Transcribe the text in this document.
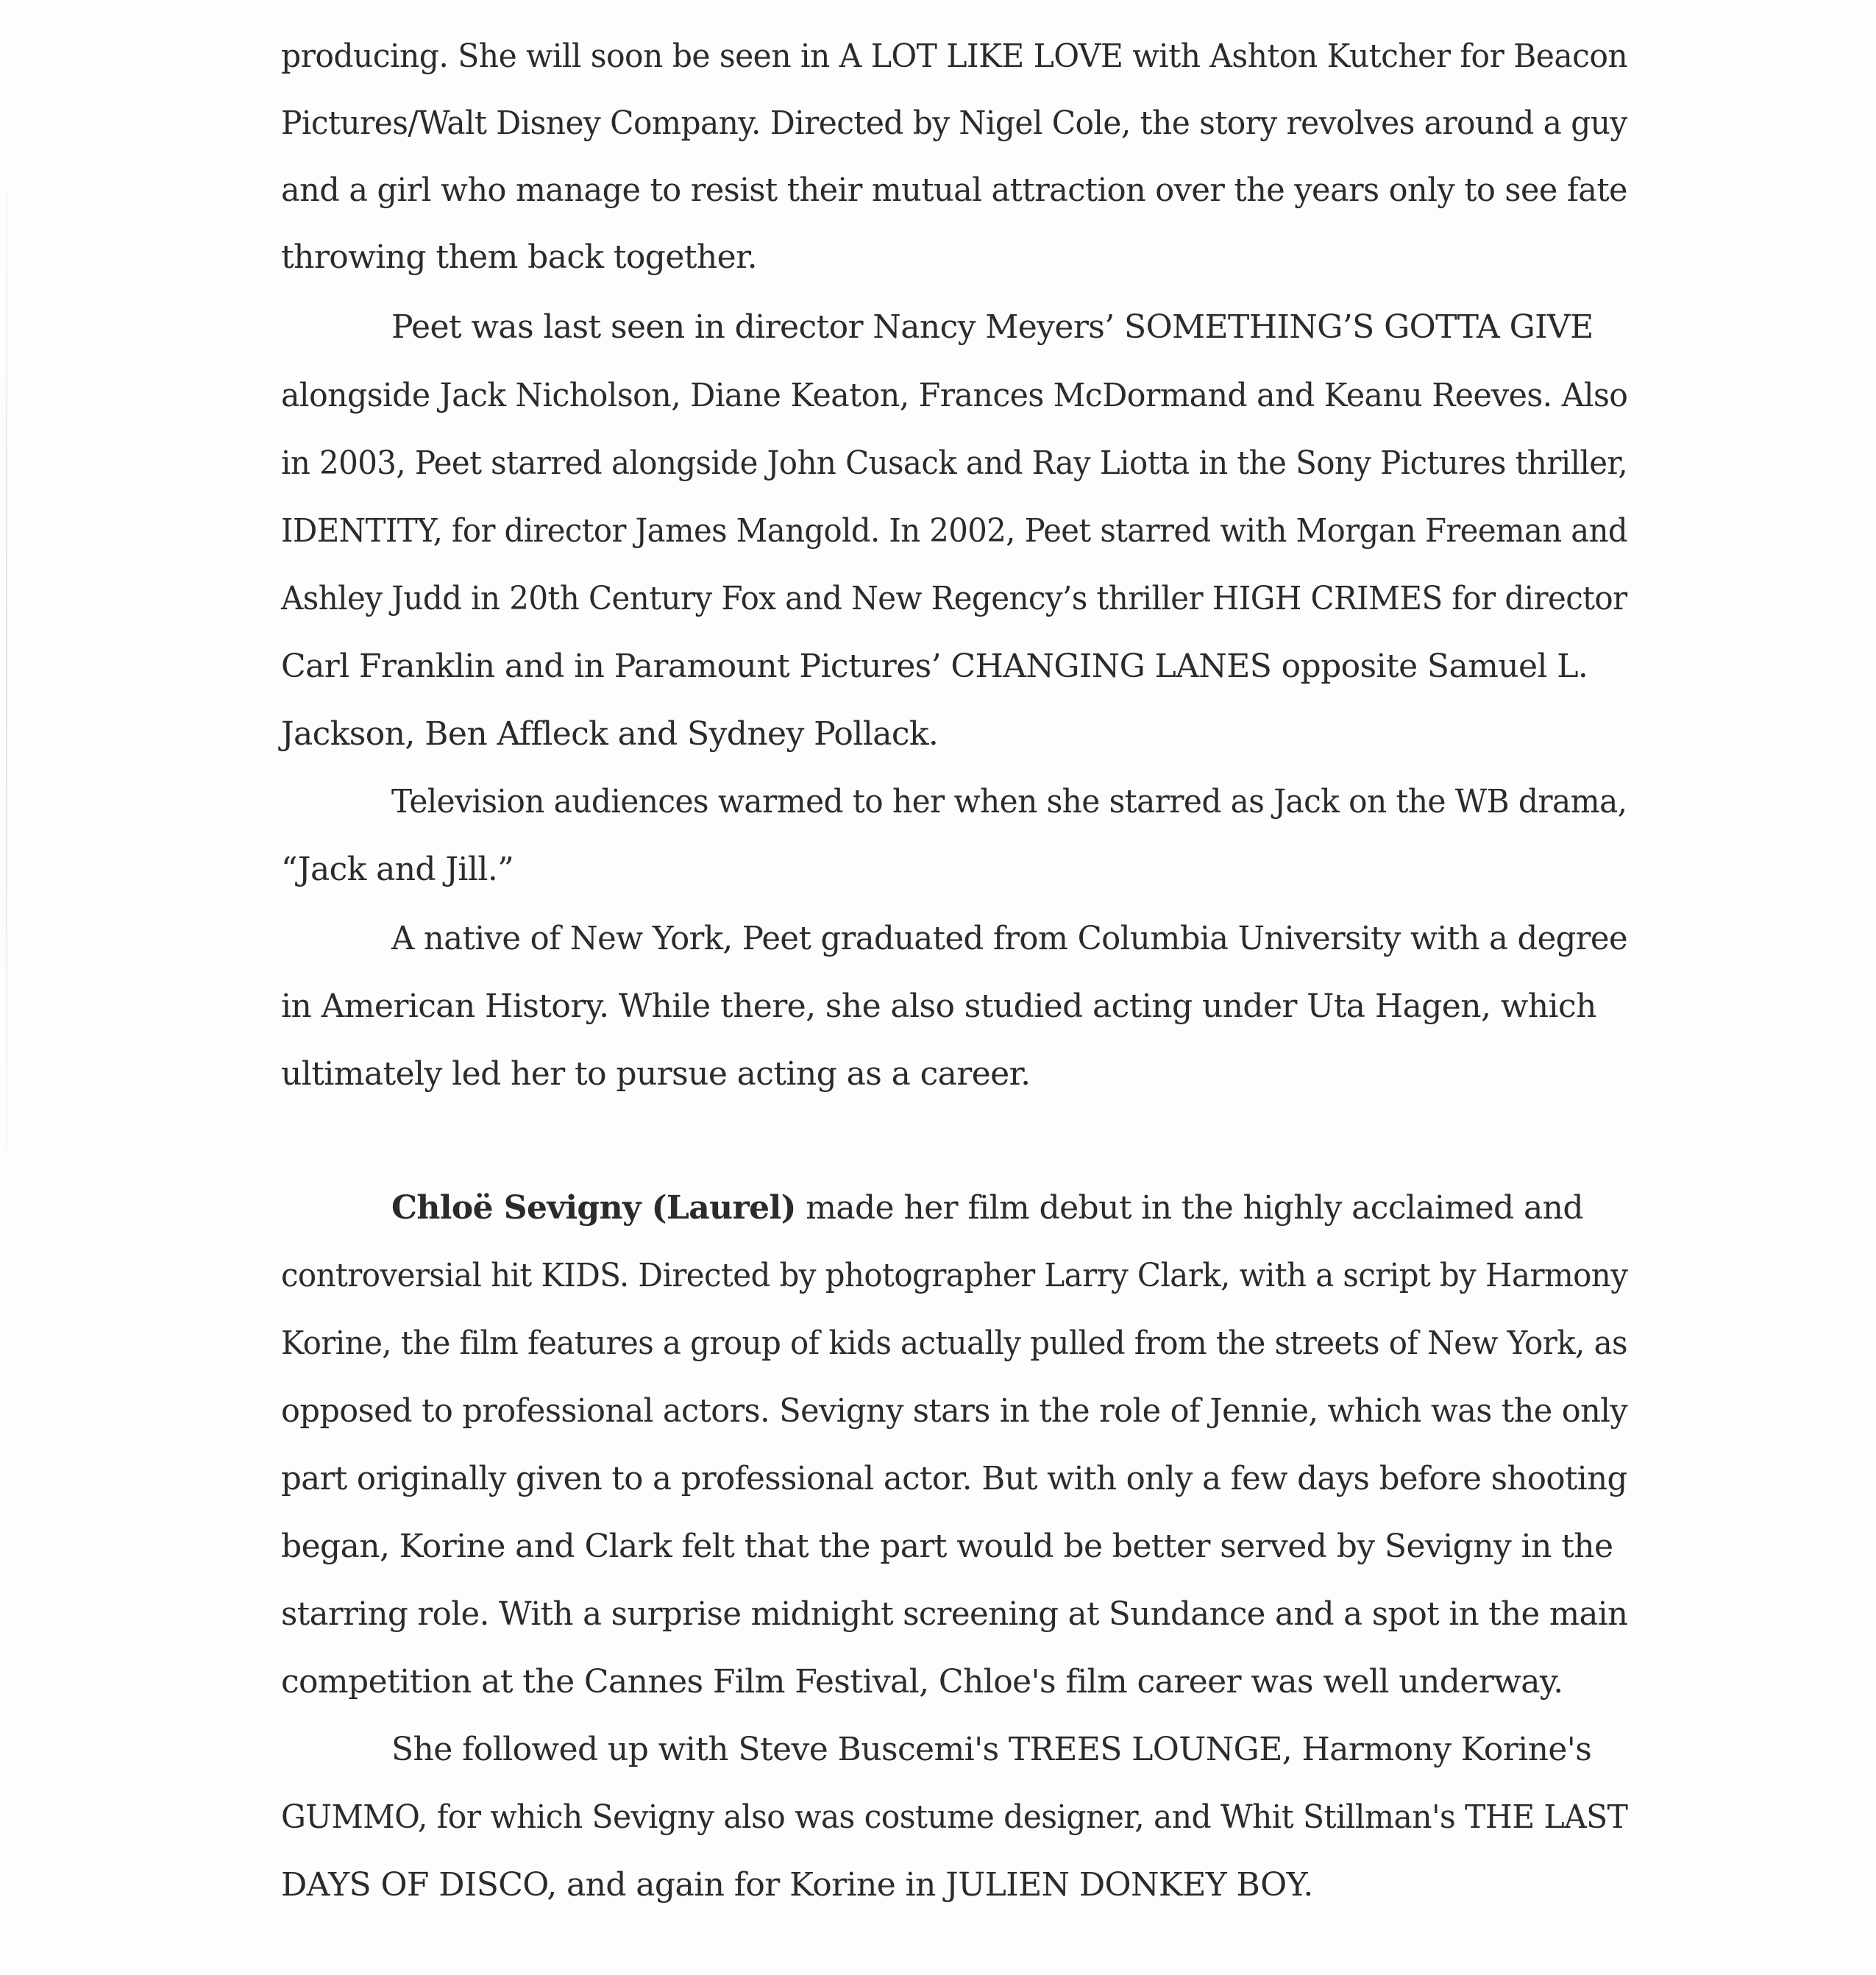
producing. She will soon be seen in A LOT LIKE LOVE with Ashton Kutcher for Beacon
Pictures/Walt Disney Company. Directed by Nigel Cole, the story revolves around a guy
and a girl who manage to resist their mutual attraction over the years only to see fate
throwing them back together.
Peet was last seen in director Nancy Meyers’ SOMETHING’S GOTTA GIVE
alongside Jack Nicholson, Diane Keaton, Frances McDormand and Keanu Reeves. Also
in 2003, Peet starred alongside John Cusack and Ray Liotta in the Sony Pictures thriller,
IDENTITY, for director James Mangold. In 2002, Peet starred with Morgan Freeman and
Ashley Judd in 20th Century Fox and New Regency’s thriller HIGH CRIMES for director
Carl Franklin and in Paramount Pictures’ CHANGING LANES opposite Samuel L.
Jackson, Ben Affleck and Sydney Pollack.
Television audiences warmed to her when she starred as Jack on the WB drama,
“Jack and Jill.”
A native of New York, Peet graduated from Columbia University with a degree
in American History. While there, she also studied acting under Uta Hagen, which
ultimately led her to pursue acting as a career.
Chloë Sevigny (Laurel) made her film debut in the highly acclaimed and
controversial hit KIDS. Directed by photographer Larry Clark, with a script by Harmony
Korine, the film features a group of kids actually pulled from the streets of New York, as
opposed to professional actors. Sevigny stars in the role of Jennie, which was the only
part originally given to a professional actor. But with only a few days before shooting
began, Korine and Clark felt that the part would be better served by Sevigny in the
starring role. With a surprise midnight screening at Sundance and a spot in the main
competition at the Cannes Film Festival, Chloe's film career was well underway.
She followed up with Steve Buscemi's TREES LOUNGE, Harmony Korine's
GUMMO, for which Sevigny also was costume designer, and Whit Stillman's THE LAST
DAYS OF DISCO, and again for Korine in JULIEN DONKEY BOY.
